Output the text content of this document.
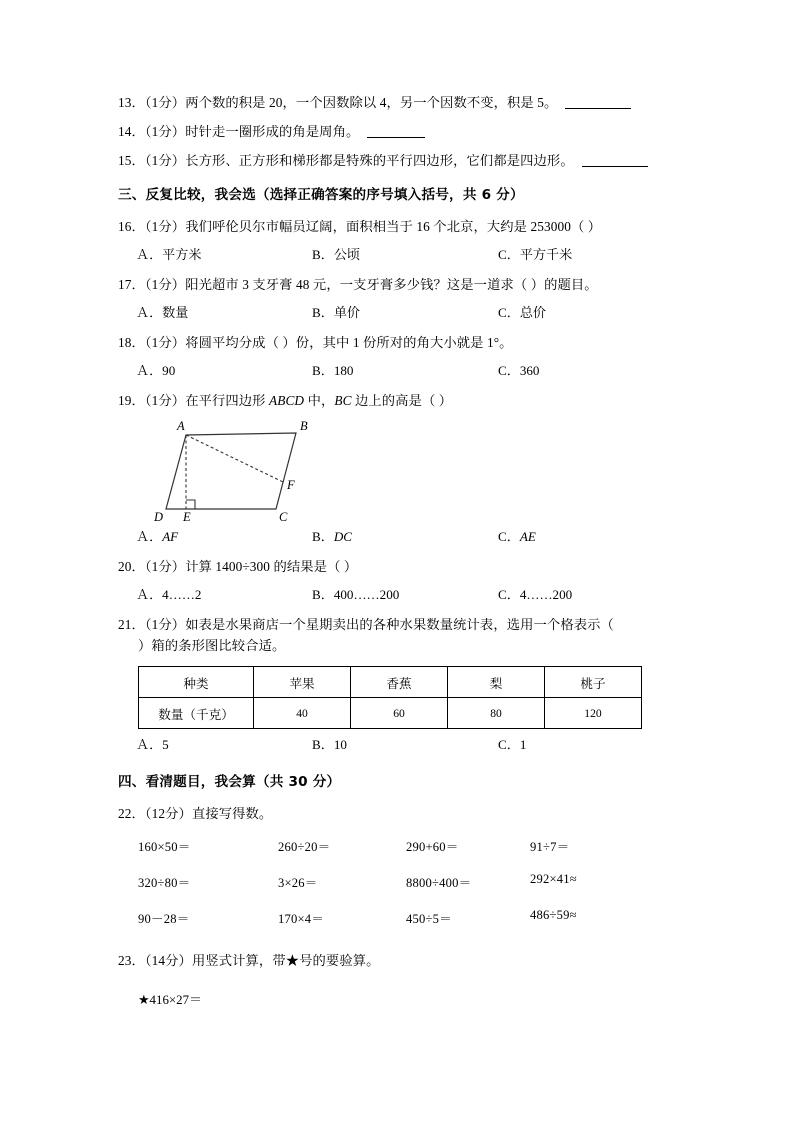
13．（1分）两个数的积是 20，一个因数除以 4，另一个因数不变，积是 5。
14．（1分）时针走一圈形成的角是周角。
15．（1分）长方形、正方形和梯形都是特殊的平行四边形，它们都是四边形。
三、反复比较，我会选（选择正确答案的序号填入括号，共 6 分）
16．（1分）我们呼伦贝尔市幅员辽阔，面积相当于 16 个北京，大约是 253000（ ）
Ａ．平方米	B．公顷	C．平方千米
17．（1分）阳光超市 3 支牙膏 48 元，一支牙膏多少钱？这是一道求（ ）的题目。
Ａ．数量	B．单价	C．总价
18．（1分）将圆平均分成（ ）份，其中 1 份所对的角大小就是 1°。
Ａ．90	B．180	C．360
19．（1分）在平行四边形 ABCD 中，BC 边上的高是（ ）
A	B
C
D E
F
Ａ．AF	B．DC	C．AE
20．（1分）计算 1400÷300 的结果是（ ）
Ａ．4……2	B．400……200	C．4……200
21．（1分）如表是水果商店一个星期卖出的各种水果数量统计表，选用一个格表示（
）箱的条形图比较合适。
种类	苹果	香蕉	梨	桃子
数量（千克）	40	60	80	120
Ａ．5	B．10	C．1
四、看清题目，我会算（共 30 分）
22．（12分）直接写得数。
160×50＝	260÷20＝	290+60＝	91÷7＝
320÷80＝	3×26＝	8800÷400＝	292×41≈
90－28＝	170×4＝	450÷5＝	486÷59≈
23．（14分）用竖式计算，带★号的要验算。
★416×27＝
